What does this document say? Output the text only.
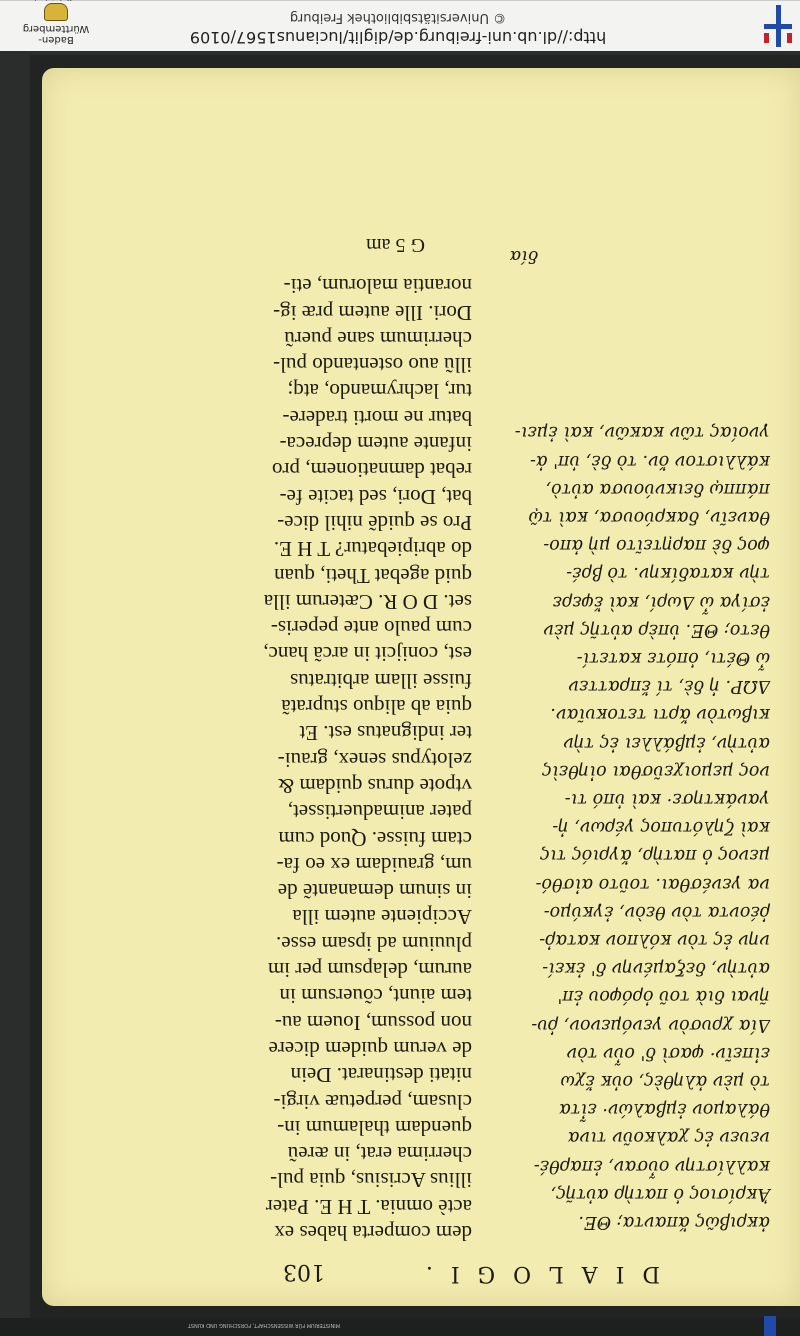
http://dl.ub.uni-freiburg.de/diglit/lucianus1567/0109
© Universitätsbibliothek Freiburg
Baden-Württemberg
DIALOGI.
103
ἀκριβῶς ἅπαντα; ΘΕ.
Ἀκρίσιος ὁ πατὴρ αὐτῆς,
καλλίστην οὖσαν, ἐπαρθέ-
νευεν ἐς χαλκοῦν τινα
θάλαμον ἐμβαλών· εἶτα
τὸ μὲν ἀληθὲς, οὐκ ἔχω
εἰπεῖν· φασὶ δ' οὖν τὸν
Δία χρυσὸν γενόμενον, ῥυ-
ῆναι διὰ τοῦ ὀρόφου ἐπ'
αὐτὴν, δεξαμένην δ' ἐκεί-
νην ἐς τὸν κόλπον καταῤ-
ῥέοντα τὸν θεὸν, ἐγκύμο-
να γενέσθαι. τοῦτο αἰσθό-
μενος ὁ πατὴρ, ἄγριός τις
καὶ ζηλότυπος γέρων, ἠ-
γανάκτησε· καὶ ὑπό τι-
νος μεμοιχεῦσθαι οἰηθεὶς
αὐτὴν, ἐμβάλλει ἐς τὴν
κιβωτὸν ἄρτι τετοκυῖαν.
ΔΩΡ. ἡ δὲ, τί ἔπραττεν
ὦ Θέτι, ὁπότε κατετί-
θετο; ΘΕ. ὑπὲρ αὑτῆς μὲν
ἐσίγα ὦ Δωρί, καὶ ἔφερε
τὴν καταδίκην. τὸ βρέ-
φος δὲ παρῃτεῖτο μὴ ἀπο-
θανεῖν, δακρύουσα, καὶ τῷ
πάππῳ δεικνύουσα αὐτὸ,
κάλλιστον ὄν. τὸ δὲ, ὑπ' ἀ-
γνοίας τῶν κακῶν, καὶ ἐμει-
δία
dem comperta habes ex
actè omnia. T H E. Pater
illius Acrisius, quia pul-
cherrima erat, in æreũ
quendam thalamum in-
clusam, perpetuæ virgi-
nitati destinarat. Dein
de verum quidem dicere
non possum, Iouem au-
tem aiunt, cõuersum in
aurum, delapsum per im
pluuium ad ipsam esse.
Accipiente autem illa
in sinum demanantẽ de
um, grauidam ex eo fa-
ctam fuisse. Quod cum
pater animaduertisset,
vtpote durus quidam &
zelotypus senex, graui-
ter indignatus est. Et
quia ab aliquo stupratã
fuisse illam arbitratus
est, conijcit in arcã hanc,
cum paulo ante peperis-
set. D O R. Cæterum illa
quid agebat Theti, quan
do abripiebatur? T H E.
Pro se quidẽ nihil dice-
bat, Dori, sed tacite fe-
rebat damnationem, pro
infante autem depreca-
batur ne morti tradere-
tur, lachrymando, atq;
illũ auo ostentando pul-
cherrimum sane puerũ
Dori. Ille autem præ ig-
norantia malorum, eti-
G 5 am
MINISTERIUM FÜR WISSENSCHAFT, FORSCHUNG UND KUNST
